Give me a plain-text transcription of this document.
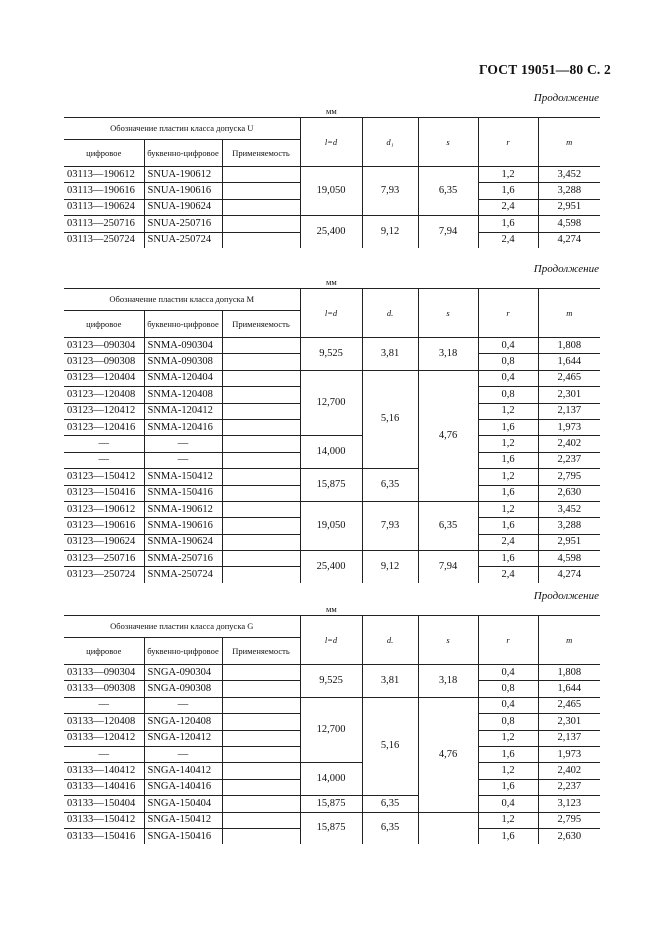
ГОСТ 19051—80 С. 2
Продолжение
мм
Обозначение пластин класса допуска U			l=d	d₁	s	r	m
цифровое	буквенно-цифровое	Применяемость					
03113—190612	SNUA-190612		19,050	7,93	6,35	1,2	3,452
03113—190616	SNUA-190616					1,6	3,288
03113—190624	SNUA-190624					2,4	2,951
03113—250716	SNUA-250716		25,400	9,12	7,94	1,6	4,598
03113—250724	SNUA-250724					2,4	4,274
Продолжение
мм
Обозначение пластин класса допуска М			l=d	d.	s	r	m
цифровое	буквенно-цифровое	Применяемость					
03123—090304	SNMA-090304		9,525	3,81	3,18	0,4	1,808
03123—090308	SNMA-090308					0,8	1,644
03123—120404	SNMA-120404		12,700	5,16	4,76	0,4	2,465
03123—120408	SNMA-120408					0,8	2,301
03123—120412	SNMA-120412					1,2	2,137
03123—120416	SNMA-120416					1,6	1,973
—	—		14,000			1,2	2,402
—	—					1,6	2,237
03123—150412	SNMA-150412		15,875	6,35		1,2	2,795
03123—150416	SNMA-150416					1,6	2,630
03123—190612	SNMA-190612		19,050	7,93	6,35	1,2	3,452
03123—190616	SNMA-190616					1,6	3,288
03123—190624	SNMA-190624					2,4	2,951
03123—250716	SNMA-250716		25,400	9,12	7,94	1,6	4,598
03123—250724	SNMA-250724					2,4	4,274
Продолжение
мм
Обозначение пластин класса допуска G			l=d	d.	s	r	m
цифровое	буквенно-цифровое	Применяемость					
03133—090304	SNGA-090304		9,525	3,81	3,18	0,4	1,808
03133—090308	SNGA-090308					0,8	1,644
—	—		12,700	5,16	4,76	0,4	2,465
03133—120408	SNGA-120408					0,8	2,301
03133—120412	SNGA-120412					1,2	2,137
—	—					1,6	1,973
03133—140412	SNGA-140412		14,000			1,2	2,402
03133—140416	SNGA-140416					1,6	2,237
03133—150404	SNGA-150404		15,875	6,35		0,4	3,123
03133—150412	SNGA-150412		15,875	6,35		1,2	2,795
03133—150416	SNGA-150416					1,6	2,630
